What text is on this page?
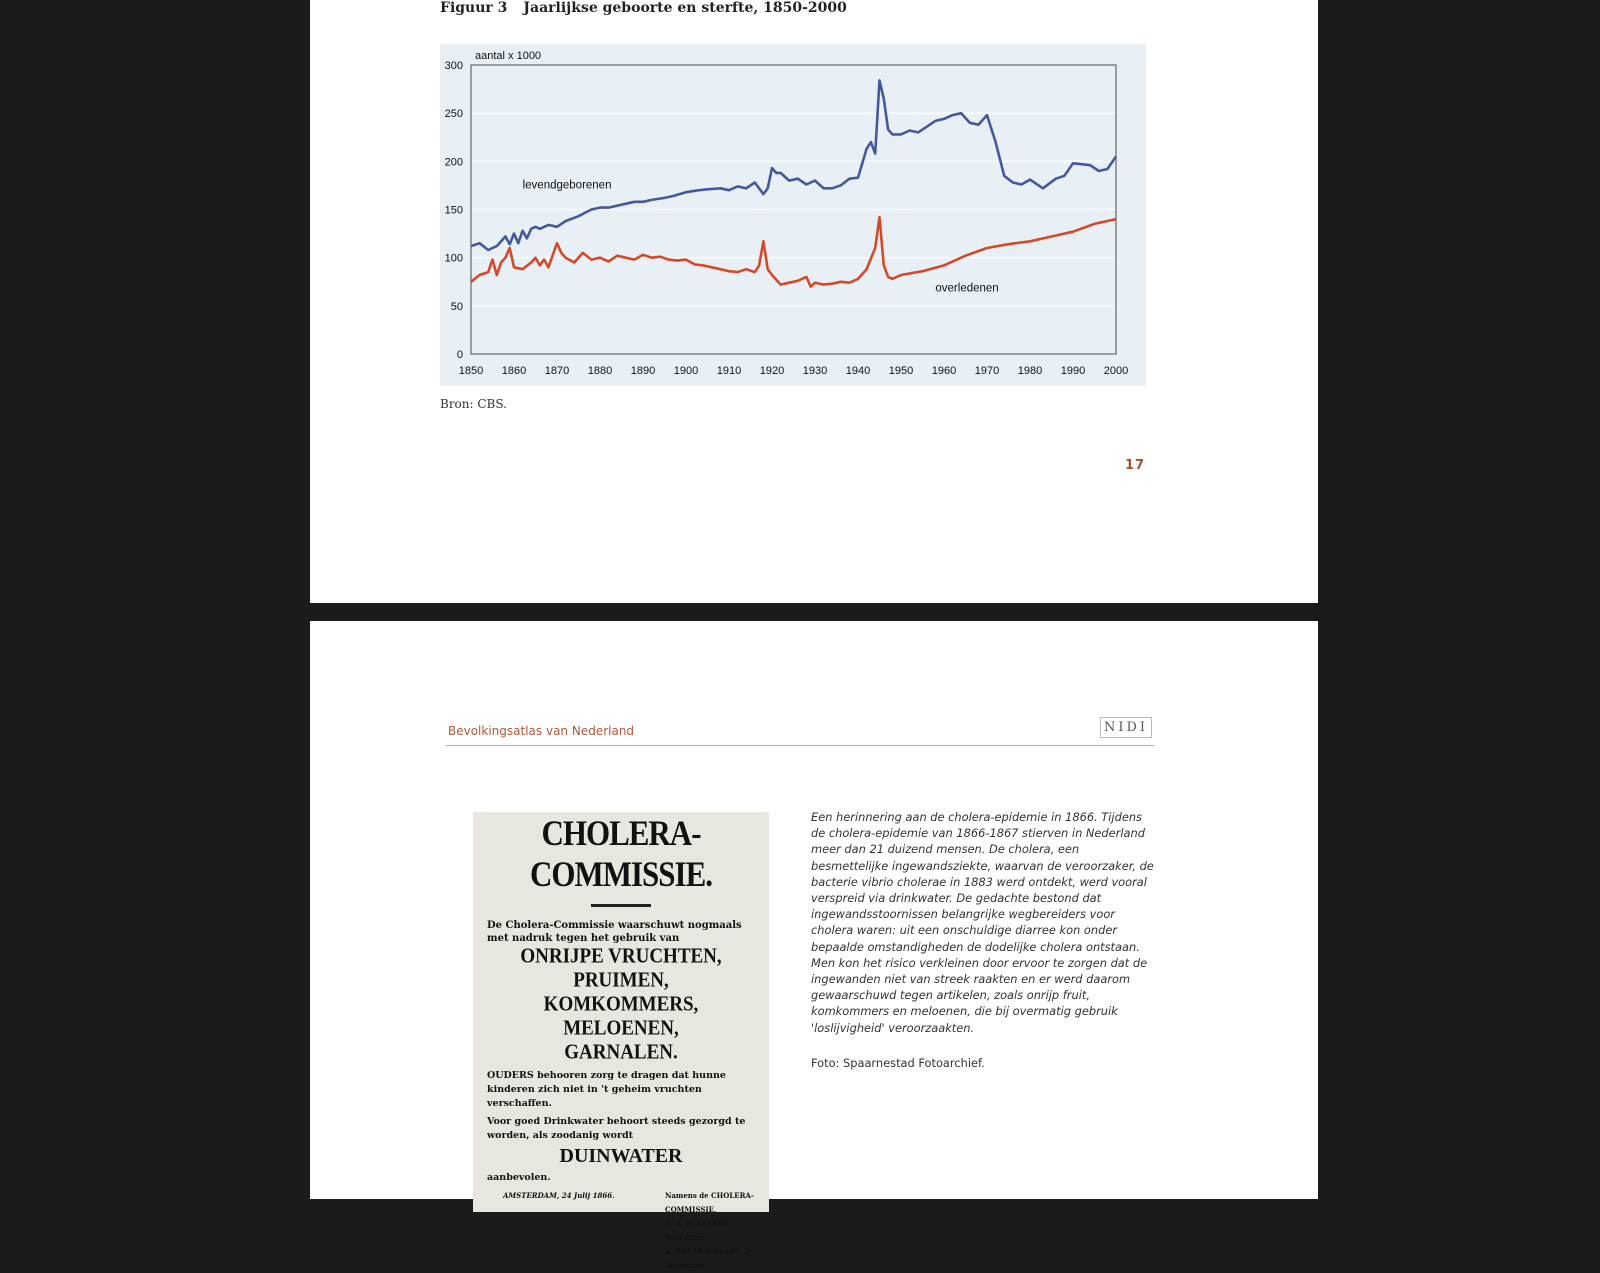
Figuur 3 Jaarlijkse geboorte en sterfte, 1850-2000
0
50
100
150
200
250
300
1850 1860 1870 1880 1890 1900 1910 1920 1930 1940 1950 1960 1970 1980 1990 2000
aantal x 1000
levendgeborenen
overledenen
Bron: CBS.
17
Bevolkingsatlas van Nederland	NIDI
CHOLERA-COMMISSIE.
De Cholera-Commissie waarschuwt nogmaals met nadruk tegen het gebruik van
ONRIJPE VRUCHTEN,
PRUIMEN,
KOMKOMMERS,
MELOENEN,
GARNALEN.
OUDERS behooren zorg te dragen dat hunne kinderen zich niet in 't geheim vruchten verschaffen.
Voor goed Drinkwater behoort steeds gezorgd te worden, als zoodanig wordt
DUINWATER
aanbevolen.
AMSTERDAM, 24 Julij 1866.	Namens de CHOLERA-COMMISSIE,
G. A. N. ALLEBÉ, Voorzitter.
A. ROLAND HOLST, 2e Secretaris.
Een herinnering aan de cholera-epidemie in 1866. Tijdens de cholera-epidemie van 1866-1867 stierven in Nederland meer dan 21 duizend mensen. De cholera, een besmettelijke ingewandsziekte, waarvan de veroorzaker, de bacterie vibrio cholerae in 1883 werd ontdekt, werd vooral verspreid via drinkwater. De gedachte bestond dat ingewandsstoornissen belangrijke wegbereiders voor cholera waren: uit een onschuldige diarree kon onder bepaalde omstandigheden de dodelijke cholera ontstaan. Men kon het risico verkleinen door ervoor te zorgen dat de ingewanden niet van streek raakten en er werd daarom gewaarschuwd tegen artikelen, zoals onrijp fruit, komkommers en meloenen, die bij overmatig gebruik 'loslijvigheid' veroorzaakten.
Foto: Spaarnestad Fotoarchief.
